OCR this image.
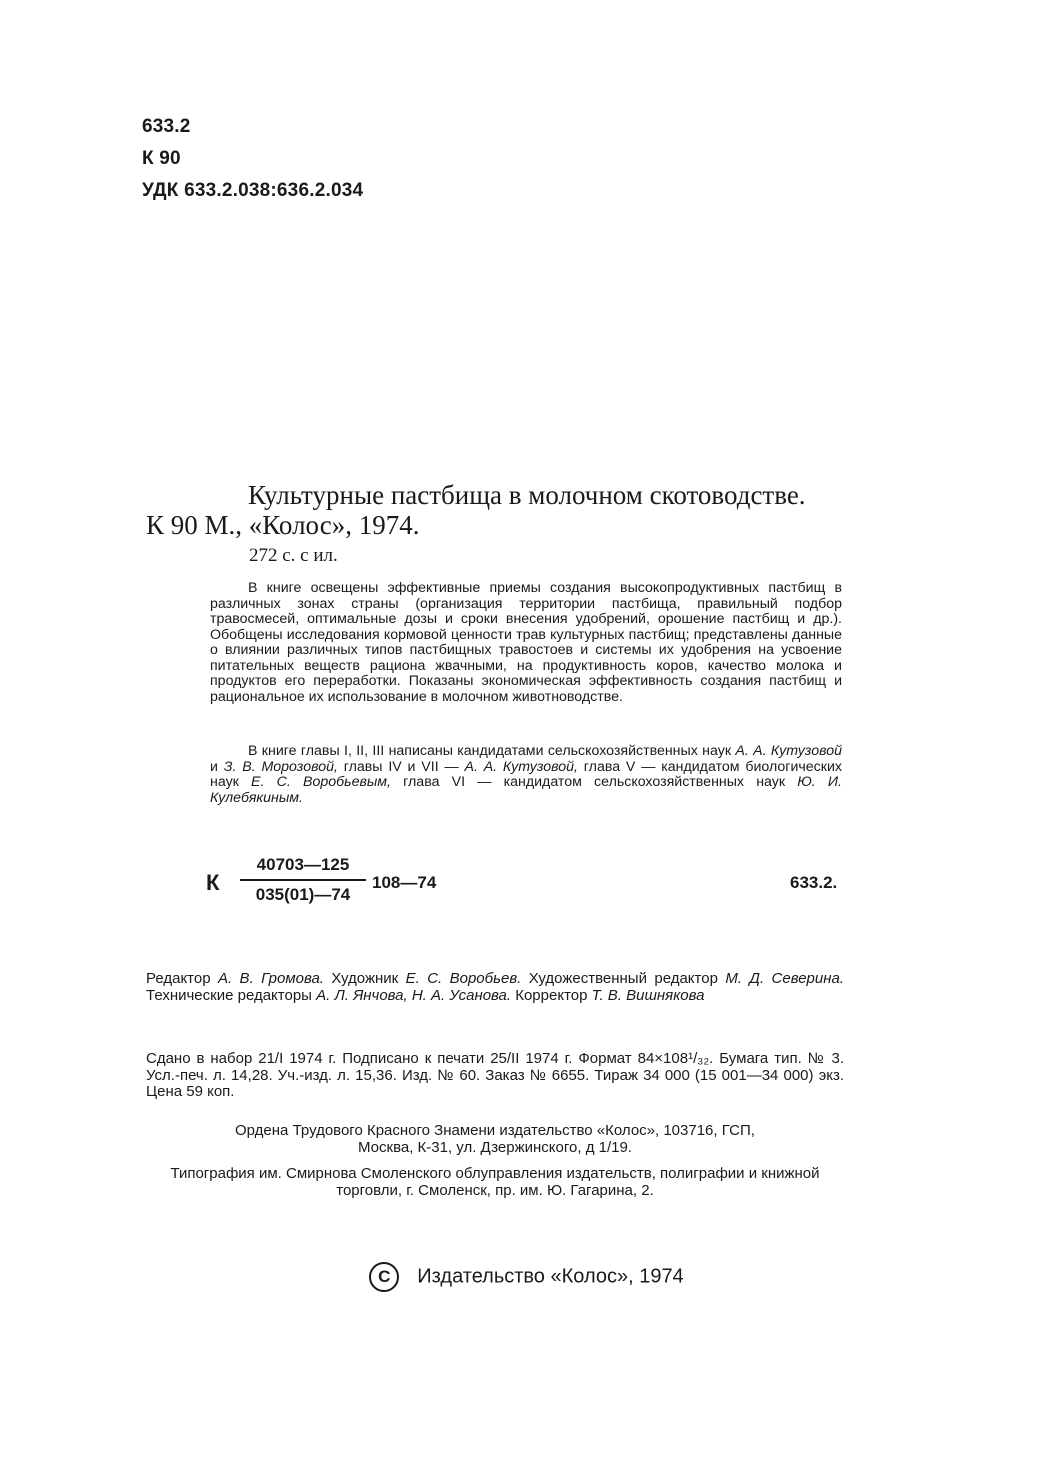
633.2
К 90
УДК 633.2.038:636.2.034
Культурные пастбища в молочном скотоводстве.
К 90 М., «Колос», 1974.
272 с. с ил.
В книге освещены эффективные приемы создания высокопродуктивных пастбищ в различных зонах страны (организация территории пастбища, правильный подбор травосмесей, оптимальные дозы и сроки внесения удобрений, орошение пастбищ и др.). Обобщены исследования кормовой ценности трав культурных пастбищ; представлены данные о влиянии различных типов пастбищных травостоев и системы их удобрения на усвоение питательных веществ рациона жвачными, на продуктивность коров, качество молока и продуктов его переработки. Показаны экономическая эффективность создания пастбищ и рациональное их использование в молочном животноводстве.
В книге главы I, II, III написаны кандидатами сельскохозяйственных наук А. А. Кутузовой и З. В. Морозовой, главы IV и VII — А. А. Кутузовой, глава V — кандидатом биологических наук Е. С. Воробьевым, глава VI — кандидатом сельскохозяйственных наук Ю. И. Кулебякиным.
К
40703—125
035(01)—74
108—74	633.2.
Редактор А. В. Громова. Художник Е. С. Воробьев. Художественный редактор М. Д. Северина. Технические редакторы А. Л. Янчова, Н. А. Усанова. Корректор Т. В. Вишнякова
Сдано в набор 21/I 1974 г. Подписано к печати 25/II 1974 г. Формат 84×108¹/₃₂. Бумага тип. № 3. Усл.-печ. л. 14,28. Уч.-изд. л. 15,36. Изд. № 60. Заказ № 6655. Тираж 34 000 (15 001—34 000) экз. Цена 59 коп.
Ордена Трудового Красного Знамени издательство «Колос», 103716, ГСП,
Москва, К-31, ул. Дзержинского, д 1/19.
Типография им. Смирнова Смоленского облуправления издательств, полиграфии и книжной торговли, г. Смоленск, пр. им. Ю. Гагарина, 2.
C Издательство «Колос», 1974
